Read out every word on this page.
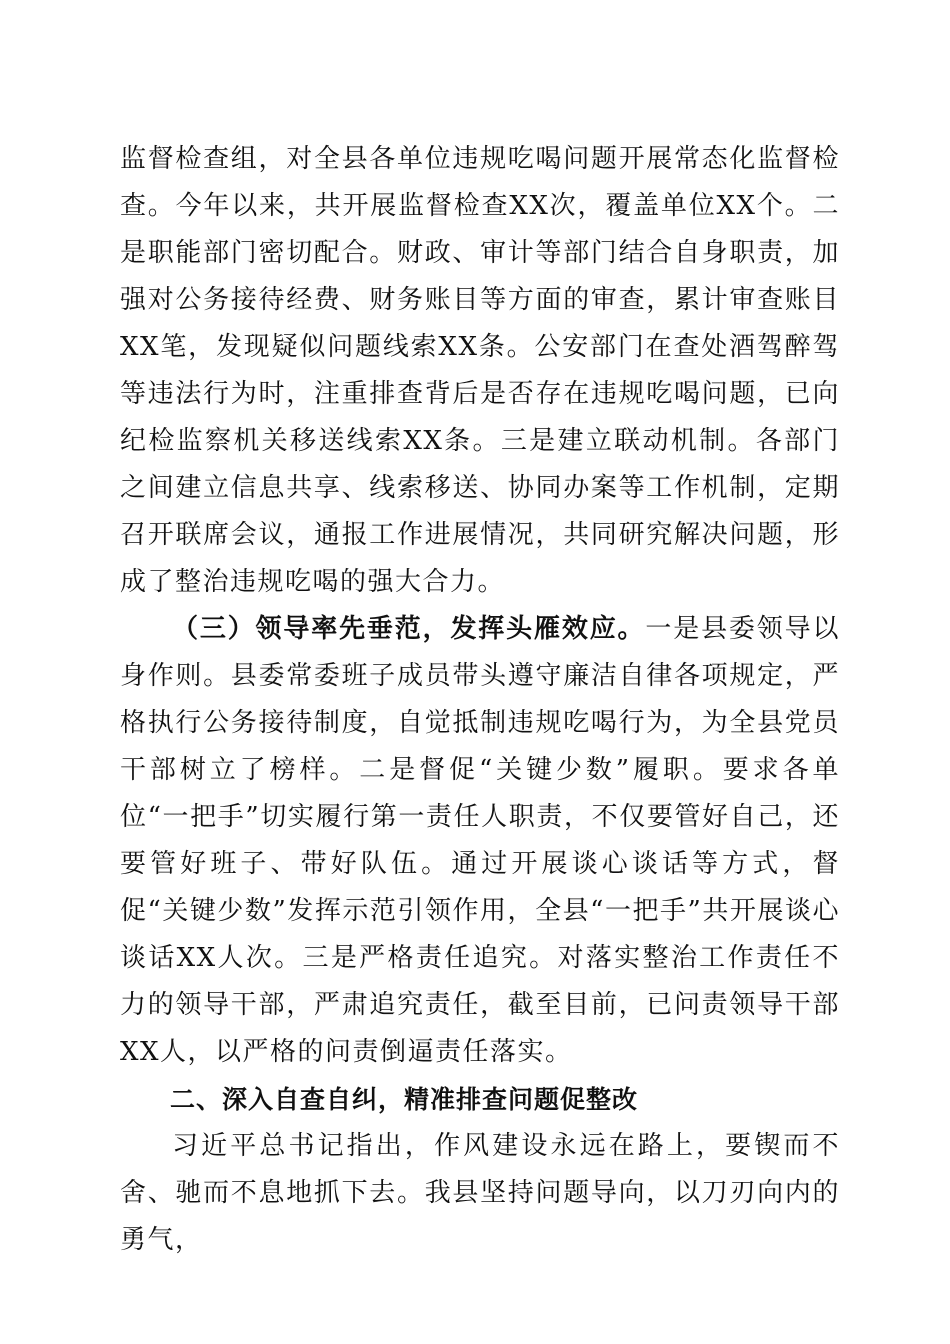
监督检查组，对全县各单位违规吃喝问题开展常态化监督检查。今年以来，共开展监督检查XX次，覆盖单位XX个。二是职能部门密切配合。财政、审计等部门结合自身职责，加强对公务接待经费、财务账目等方面的审查，累计审查账目XX笔，发现疑似问题线索XX条。公安部门在查处酒驾醉驾等违法行为时，注重排查背后是否存在违规吃喝问题，已向纪检监察机关移送线索XX条。三是建立联动机制。各部门之间建立信息共享、线索移送、协同办案等工作机制，定期召开联席会议，通报工作进展情况，共同研究解决问题，形成了整治违规吃喝的强大合力。

（三）领导率先垂范，发挥头雁效应。一是县委领导以身作则。县委常委班子成员带头遵守廉洁自律各项规定，严格执行公务接待制度，自觉抵制违规吃喝行为，为全县党员干部树立了榜样。二是督促“关键少数”履职。要求各单位“一把手”切实履行第一责任人职责，不仅要管好自己，还要管好班子、带好队伍。通过开展谈心谈话等方式，督促“关键少数”发挥示范引领作用，全县“一把手”共开展谈心谈话XX人次。三是严格责任追究。对落实整治工作责任不力的领导干部，严肃追究责任，截至目前，已问责领导干部XX人，以严格的问责倒逼责任落实。

二、深入自查自纠，精准排查问题促整改

习近平总书记指出，作风建设永远在路上，要锲而不舍、驰而不息地抓下去。我县坚持问题导向，以刀刃向内的勇气，
